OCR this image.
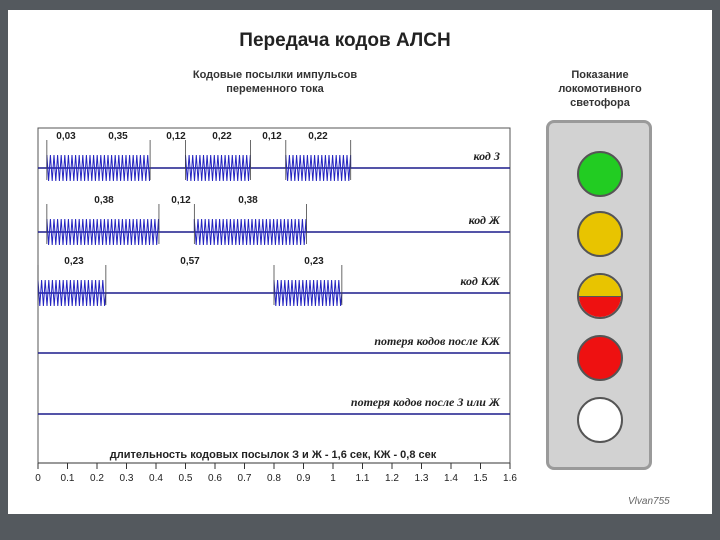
Передача кодов АЛСН
Кодовые посылки импульсов
переменного тока
Показание
локомотивного
светофора
код З
0,03	0,35	0,12	0,22	0,12	0,22
код Ж
0,38	0,12	0,38
код КЖ
0,23	0,57	0,23
потеря кодов после КЖ
потеря кодов после З или Ж
длительность кодовых посылок З и Ж - 1,6 сек, КЖ - 0,8 сек
0 0.1 0.2 0.3 0.4 0.5 0.6 0.7 0.8 0.9 1 1.1 1.2 1.3 1.4 1.5 1.6
Vlvan755
